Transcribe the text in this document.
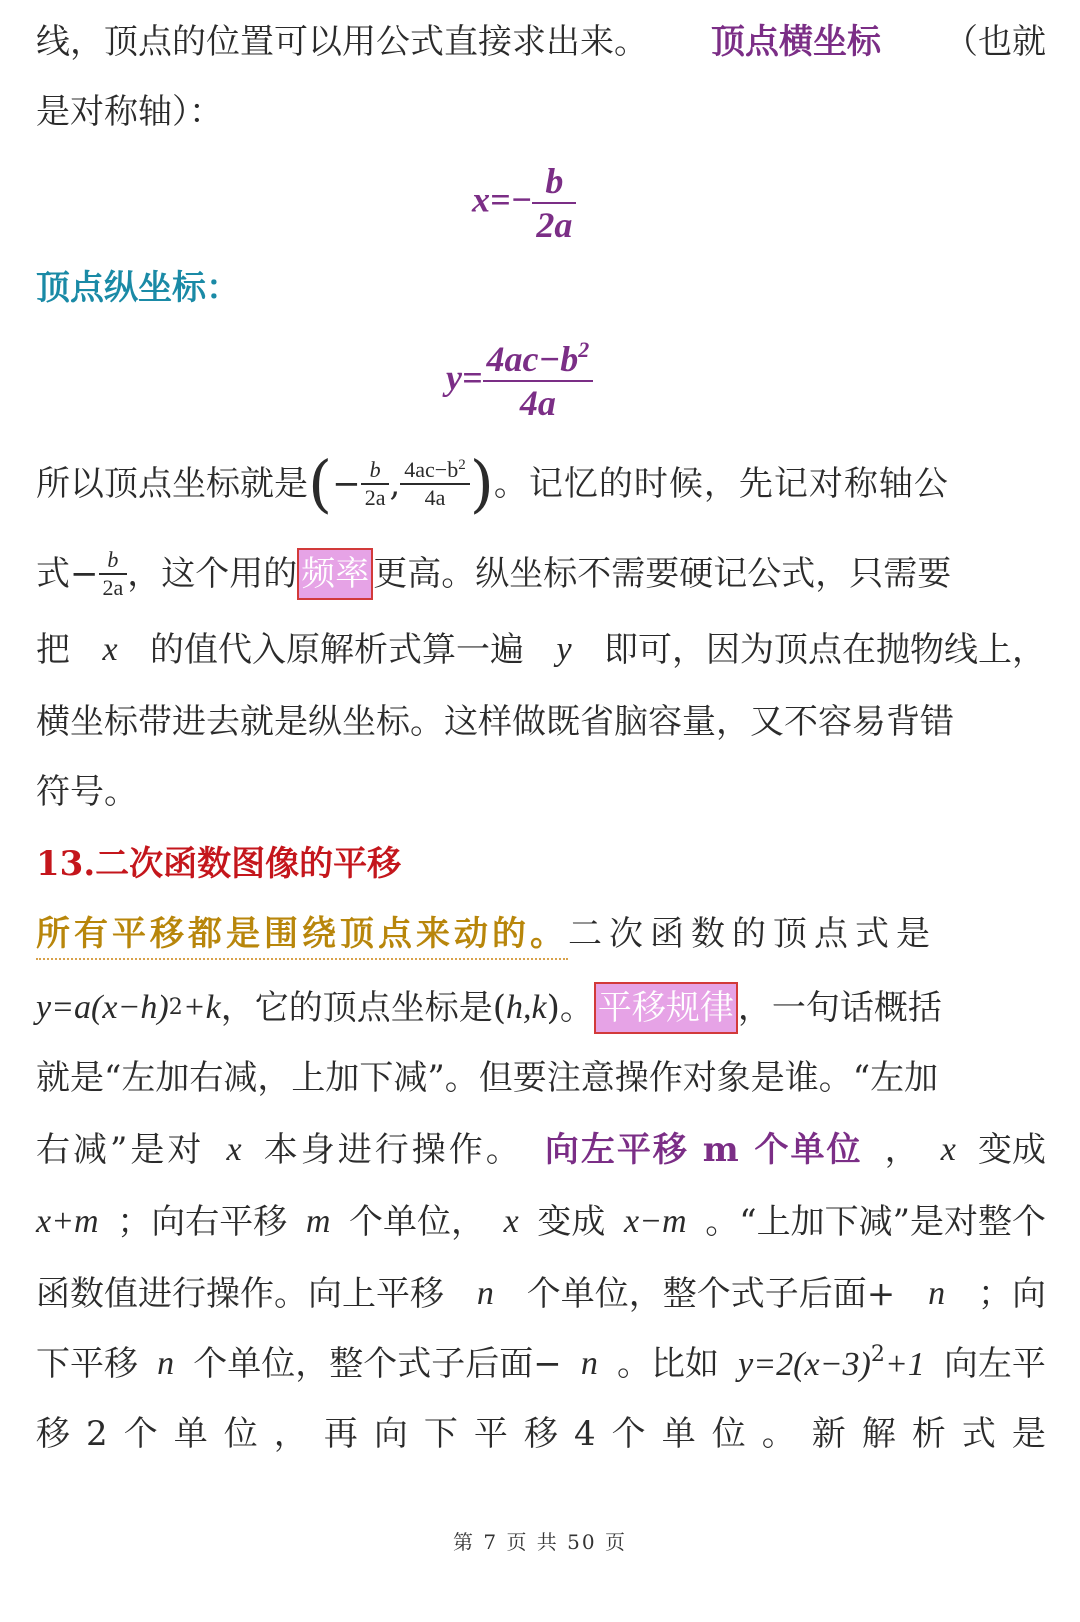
线，顶点的位置可以用公式直接求出来。 顶点横坐标 （也就
是对称轴）：
$x=- \frac{b}{2a}$
顶点纵坐标：
$y= \frac{4ac-b^2}{4a}$
所以顶点坐标就是 ( − $\frac{b}{2a}$ , $\frac{4ac-b^2}{4a}$ ) 。记忆的时候，先记对称轴公
式− $\frac{b}{2a}$ ，这个用的 频率 更高。纵坐标不需要硬记公式，只需要
把 x 的值代入原解析式算一遍 y 即可，因为顶点在抛物线上，
横坐标带进去就是纵坐标。这样做既省脑容量，又不容易背错
符号。
13.二次函数图像的平移
所有平移都是围绕顶点来动的。 二次函数的顶点式是
y=a(x−h) 2 +k ，它的顶点坐标是( h,k )。 平移规律 ，一句话概括
就是“左加右减，上加下减”。但要注意操作对象是谁。“左加
右减”是对 x 本身进行操作。 向左平移 m 个单位 ， x 变成
x+m ；向右平移 m 个单位， x 变成 x−m 。“上加下减”是对整个
函数值进行操作。向上平移 n 个单位，整个式子后面+ n ；向
下平移 n 个单位，整个式子后面− n 。比如 $y=2(x-3)^2+1$ 向左平
移 2 个 单 位 ， 再 向 下 平 移 4 个 单 位 。 新 解 析 式 是
第 7 页 共 50 页
